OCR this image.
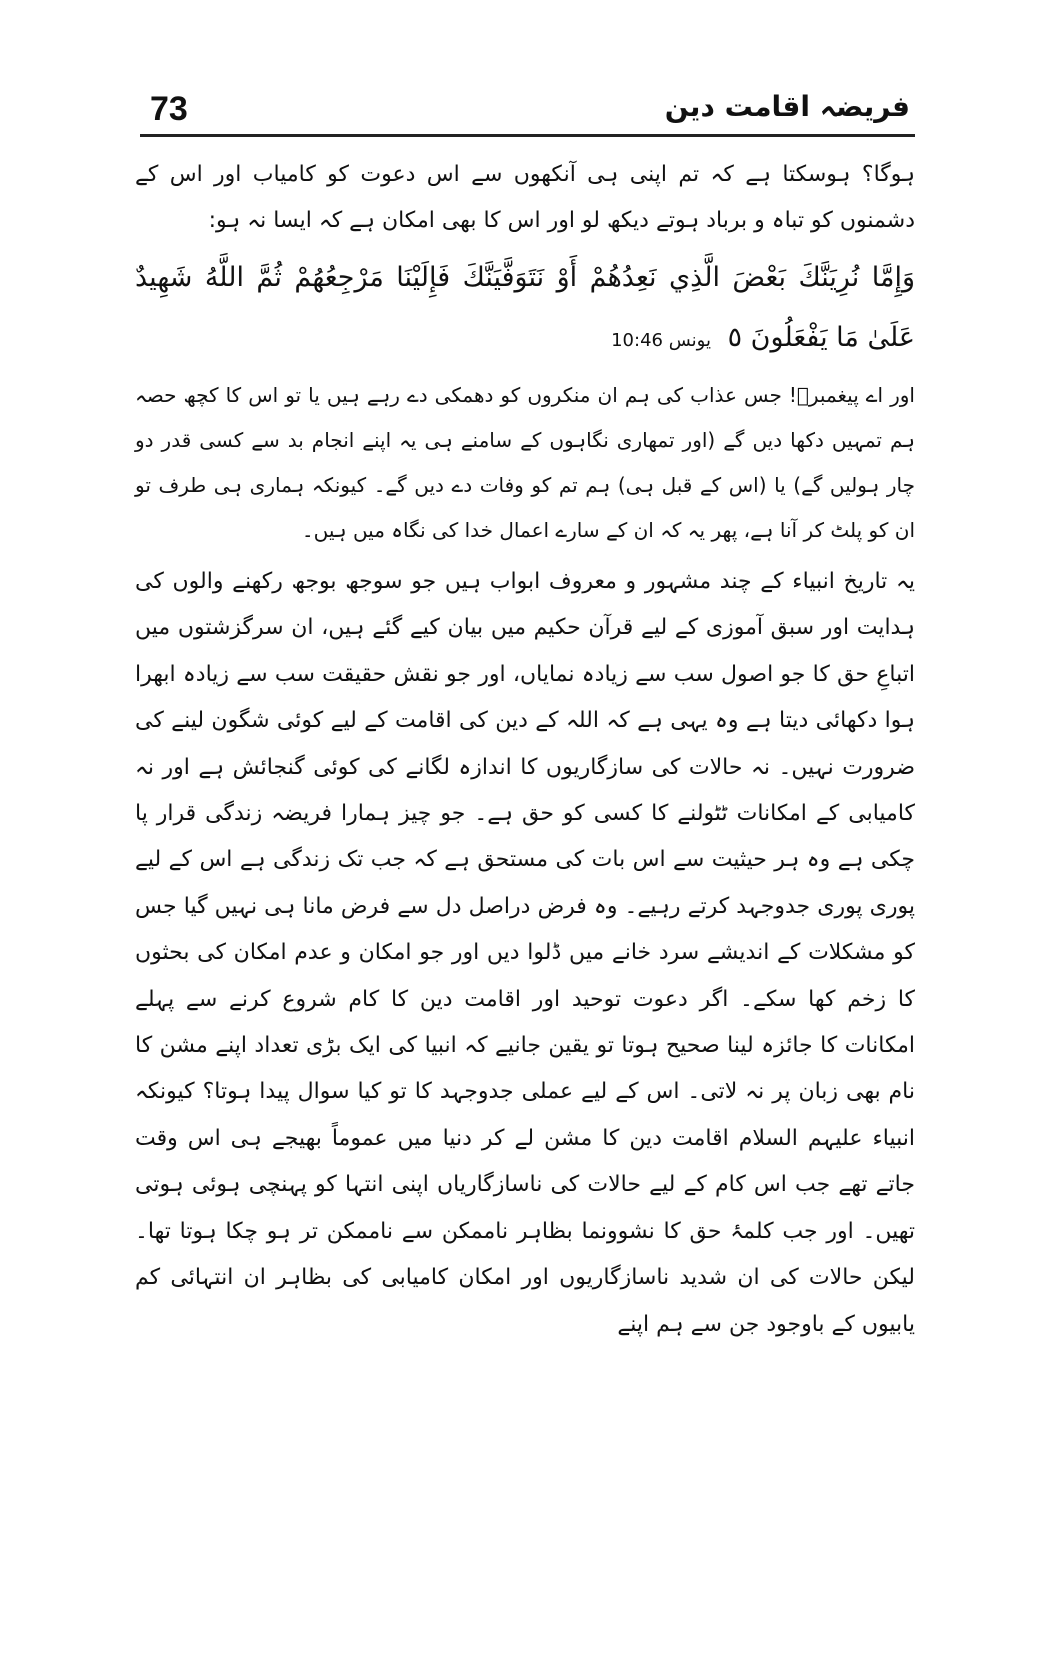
73	فریضہ اقامت دین

ہوگا؟ ہوسکتا ہے کہ تم اپنی ہی آنکھوں سے اس دعوت کو کامیاب اور اس کے دشمنوں کو تباہ و برباد ہوتے دیکھ لو اور اس کا بھی امکان ہے کہ ایسا نہ ہو:

وَإِمَّا نُرِيَنَّكَ بَعْضَ الَّذِي نَعِدُهُمْ أَوْ نَتَوَفَّيَنَّكَ فَإِلَيْنَا مَرْجِعُهُمْ ثُمَّ اللَّهُ شَهِيدٌ عَلَىٰ مَا يَفْعَلُونَ ٥ یونس 10:46

اور اے پیغمبرؐ! جس عذاب کی ہم ان منکروں کو دھمکی دے رہے ہیں یا تو اس کا کچھ حصہ ہم تمہیں دکھا دیں گے (اور تمھاری نگاہوں کے سامنے ہی یہ اپنے انجام بد سے کسی قدر دو چار ہولیں گے) یا (اس کے قبل ہی) ہم تم کو وفات دے دیں گے۔ کیونکہ ہماری ہی طرف تو ان کو پلٹ کر آنا ہے، پھر یہ کہ ان کے سارے اعمال خدا کی نگاہ میں ہیں۔

یہ تاریخ انبیاء کے چند مشہور و معروف ابواب ہیں جو سوجھ بوجھ رکھنے والوں کی ہدایت اور سبق آموزی کے لیے قرآن حکیم میں بیان کیے گئے ہیں، ان سرگزشتوں میں اتباعِ حق کا جو اصول سب سے زیادہ نمایاں، اور جو نقش حقیقت سب سے زیادہ ابھرا ہوا دکھائی دیتا ہے وہ یہی ہے کہ اللہ کے دین کی اقامت کے لیے کوئی شگون لینے کی ضرورت نہیں۔ نہ حالات کی سازگاریوں کا اندازہ لگانے کی کوئی گنجائش ہے اور نہ کامیابی کے امکانات ٹٹولنے کا کسی کو حق ہے۔ جو چیز ہمارا فریضہ زندگی قرار پا چکی ہے وہ ہر حیثیت سے اس بات کی مستحق ہے کہ جب تک زندگی ہے اس کے لیے پوری پوری جدوجہد کرتے رہیے۔ وہ فرض دراصل دل سے فرض مانا ہی نہیں گیا جس کو مشکلات کے اندیشے سرد خانے میں ڈلوا دیں اور جو امکان و عدم امکان کی بحثوں کا زخم کھا سکے۔ اگر دعوت توحید اور اقامت دین کا کام شروع کرنے سے پہلے امکانات کا جائزہ لینا صحیح ہوتا تو یقین جانیے کہ انبیا کی ایک بڑی تعداد اپنے مشن کا نام بھی زبان پر نہ لاتی۔ اس کے لیے عملی جدوجہد کا تو کیا سوال پیدا ہوتا؟ کیونکہ انبیاء علیہم السلام اقامت دین کا مشن لے کر دنیا میں عموماً بھیجے ہی اس وقت جاتے تھے جب اس کام کے لیے حالات کی ناسازگاریاں اپنی انتہا کو پہنچی ہوئی ہوتی تھیں۔ اور جب کلمۂ حق کا نشوونما بظاہر ناممکن سے ناممکن تر ہو چکا ہوتا تھا۔ لیکن حالات کی ان شدید ناسازگاریوں اور امکان کامیابی کی بظاہر ان انتہائی کم یابیوں کے باوجود جن سے ہم اپنے
